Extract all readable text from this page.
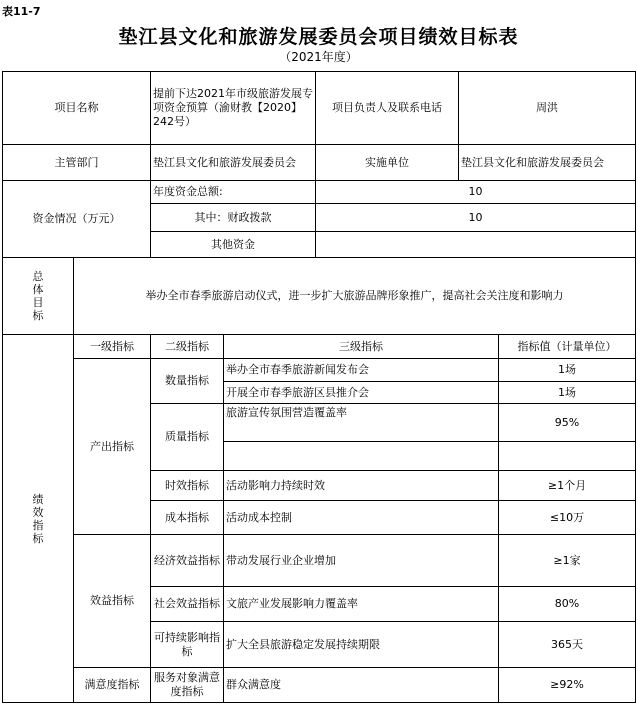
表11-7
垫江县文化和旅游发展委员会项目绩效目标表
（2021年度）
项目名称		提前下达2021年市级旅游发展专项资金预算（渝财教【2020】242号）		项目负责人及联系电话	周洪	
主管部门		垫江县文化和旅游发展委员会		实施单位	垫江县文化和旅游发展委员会	
资金情况（万元）		年度资金总额:		10		
		其中：财政拨款		10		
		其他资金				

总体目标	举办全市春季旅游启动仪式，进一步扩大旅游品牌形象推广，提高社会关注度和影响力					

绩效指标	一级指标	二级指标	三级指标			指标值（计量单位）
	产出指标	数量指标	举办全市春季旅游新闻发布会			1场
			开展全市春季旅游区县推介会			1场
		质量指标	旅游宣传氛围营造覆盖率			95%

		时效指标	活动影响力持续时效			≥1个月
		成本指标	活动成本控制			≤10万
	效益指标	经济效益指标	带动发展行业企业增加			≥1家
		社会效益指标	文旅产业发展影响力覆盖率			80%
		可持续影响指标	扩大全县旅游稳定发展持续期限			365天
	满意度指标	服务对象满意度指标	群众满意度			≥92%
